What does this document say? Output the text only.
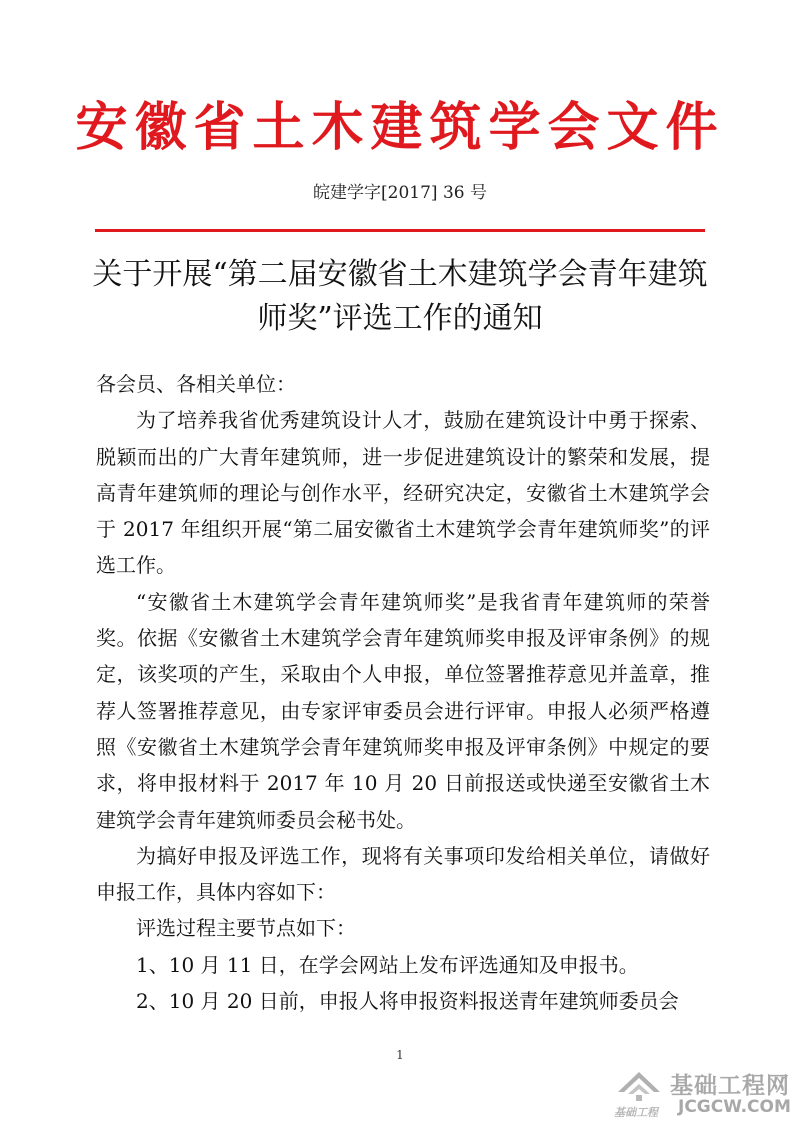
安徽省土木建筑学会文件
皖建学字[2017] 36 号
关于开展“第二届安徽省土木建筑学会青年建筑师奖”评选工作的通知

各会员、各相关单位：

为了培养我省优秀建筑设计人才，鼓励在建筑设计中勇于探索、脱颖而出的广大青年建筑师，进一步促进建筑设计的繁荣和发展，提高青年建筑师的理论与创作水平，经研究决定，安徽省土木建筑学会于 2017 年组织开展“第二届安徽省土木建筑学会青年建筑师奖”的评选工作。

“安徽省土木建筑学会青年建筑师奖”是我省青年建筑师的荣誉奖。依据《安徽省土木建筑学会青年建筑师奖申报及评审条例》的规定，该奖项的产生，采取由个人申报，单位签署推荐意见并盖章，推荐人签署推荐意见，由专家评审委员会进行评审。申报人必须严格遵照《安徽省土木建筑学会青年建筑师奖申报及评审条例》中规定的要求，将申报材料于 2017 年 10 月 20 日前报送或快递至安徽省土木建筑学会青年建筑师委员会秘书处。

为搞好申报及评选工作，现将有关事项印发给相关单位，请做好申报工作，具体内容如下：

评选过程主要节点如下：

1、10 月 11 日，在学会网站上发布评选通知及申报书。

2、10 月 20 日前，申报人将申报资料报送青年建筑师委员会

1
基础工程网
基础工程 JCGCW.COM
